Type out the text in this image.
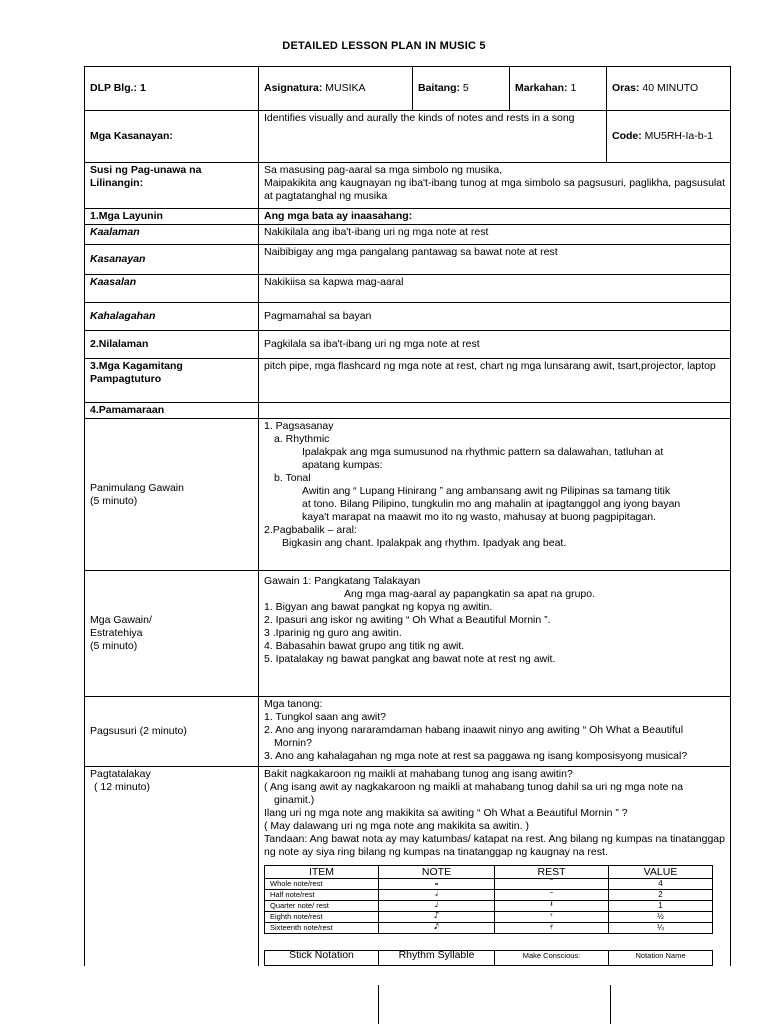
DETAILED LESSON PLAN IN MUSIC 5
DLP Blg.: 1	Asignatura: MUSIKA	Baitang: 5	Markahan: 1	Oras: 40 MINUTO
Mga Kasanayan:	Identifies visually and aurally the kinds of notes and rests in a song	Code: MU5RH-Ia-b-1

Susi ng Pag-unawa na
Lilinangin:

Sa masusing pag-aaral sa mga simbolo ng musika,
Maipakikita ang kaugnayan ng iba't-ibang tunog at mga simbolo sa pagsusuri, paglikha, pagsusulat at pagtatanghal ng musika

1.Mga Layunin	Ang mga bata ay inaasahang:
Kaalaman	Nakikilala ang iba't-ibang uri ng mga note at rest
Kasanayan	Naibibigay ang mga pangalang pantawag sa bawat note at rest
Kaasalan	Nakikiisa sa kapwa mag-aaral
Kahalagahan	Pagmamahal sa bayan
2.Nilalaman	Pagkilala sa iba't-ibang uri ng mga note at rest

3.Mga Kagamitang
Pampagtuturo
	pitch pipe, mga flashcard ng mga note at rest, chart ng mga lunsarang awit, tsart,projector, laptop
4.Pamamaraan	

Panimulang Gawain
(5 minuto)

1. Pagsasanay
a. Rhythmic
Ipalakpak ang mga sumusunod na rhythmic pattern sa dalawahan, tatluhan at
apatang kumpas:
b. Tonal
Awitin ang “ Lupang Hinirang ” ang ambansang awit ng Pilipinas sa tamang titik
at tono. Bilang Pilipino, tungkulin mo ang mahalin at ipagtanggol ang iyong bayan
kaya't marapat na maawit mo ito ng wasto, mahusay at buong pagpipitagan.
2.Pagbabalik – aral:
Bigkasin ang chant. Ipalakpak ang rhythm. Ipadyak ang beat.

Mga Gawain/
Estratehiya
(5 minuto)

Gawain 1: Pangkatang Talakayan
Ang mga mag-aaral ay papangkatin sa apat na grupo.
1. Bigyan ang bawat pangkat ng kopya ng awitin.
2. Ipasuri ang iskor ng awiting “ Oh What a Beautiful Mornin ”.
3 .Iparinig ng guro ang awitin.
4. Babasahin bawat grupo ang titik ng awit.
5. Ipatalakay ng bawat pangkat ang bawat note at rest ng awit.

Pagsusuri (2 minuto)	
Mga tanong:
1. Tungkol saan ang awit?
2. Ano ang inyong nararamdaman habang inaawit ninyo ang awiting “ Oh What a Beautiful
Mornin?
3. Ano ang kahalagahan ng mga note at rest sa paggawa ng isang komposisyong musical?

Pagtatalakay
( 12 minuto)

Bakit nagkakaroon ng maikli at mahabang tunog ang isang awitin?
( Ang isang awit ay nagkakaroon ng maikli at mahabang tunog dahil sa uri ng mga note na
ginamit.)
Ilang uri ng mga note ang makikita sa awiting “ Oh What a Beautiful Mornin ” ?
( May dalawang uri ng mga note ang makikita sa awitin. )
Tandaan: Ang bawat nota ay may katumbas/ katapat na rest. Ang bilang ng kumpas na tinatanggap ng note ay siya ring bilang ng kumpas na tinatanggap ng kaugnay na rest.
ITEM	NOTE	REST	VALUE
Whole note/rest	𝅝	𝄻	4
Half note/rest	𝅗𝅥	𝄼	2
Quarter note/ rest	♩	𝄽	1
Eighth note/rest	♪	𝄾	½
Sixteenth note/rest	𝅘𝅥𝅯	𝄿	¼

Stick Notation	Rhythm Syllable	Make Conscious:	Notation Name
